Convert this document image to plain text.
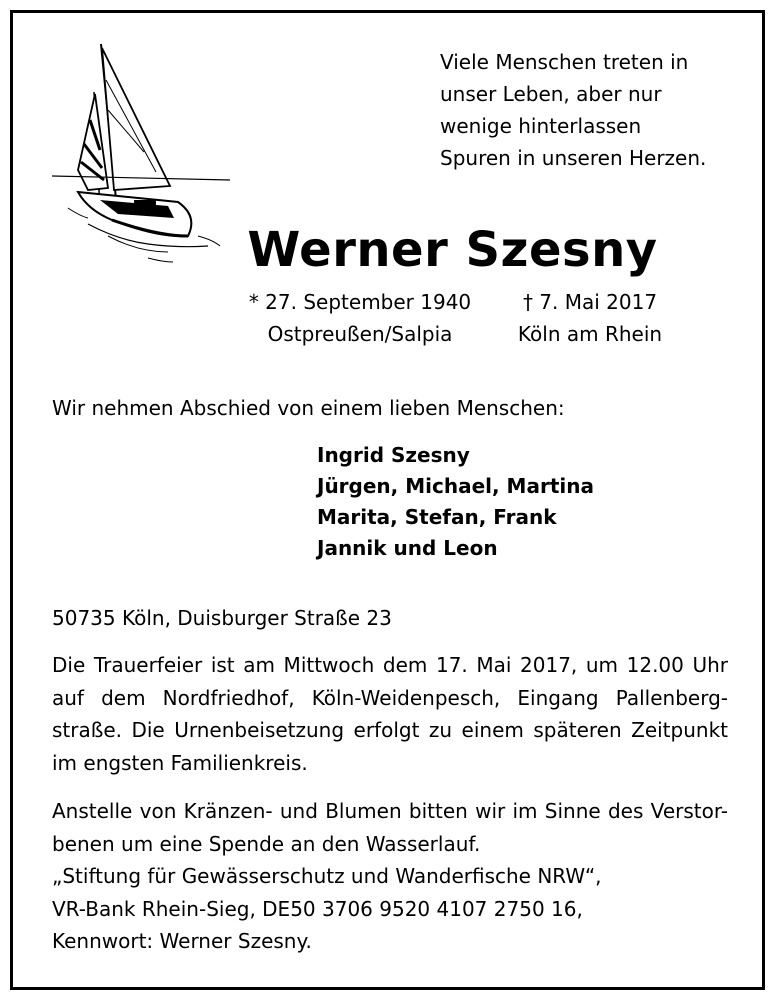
Viele Menschen treten in
unser Leben, aber nur
wenige hinterlassen
Spuren in unseren Herzen.
Werner Szesny
* 27. September 1940
Ostpreußen/Salpia
† 7. Mai 2017
Köln am Rhein
Wir nehmen Abschied von einem lieben Menschen:
Ingrid Szesny
Jürgen, Michael, Martina
Marita, Stefan, Frank
Jannik und Leon
50735 Köln, Duisburger Straße 23
Die Trauerfeier ist am Mittwoch dem 17. Mai 2017, um 12.00 Uhr
auf dem Nordfriedhof, Köln-Weidenpesch, Eingang Pallenberg-
straße. Die Urnenbeisetzung erfolgt zu einem späteren Zeitpunkt
im engsten Familienkreis.
Anstelle von Kränzen- und Blumen bitten wir im Sinne des Verstor-
benen um eine Spende an den Wasserlauf.
„Stiftung für Gewässerschutz und Wanderfische NRW“,
VR-Bank Rhein-Sieg, DE50 3706 9520 4107 2750 16,
Kennwort: Werner Szesny.
